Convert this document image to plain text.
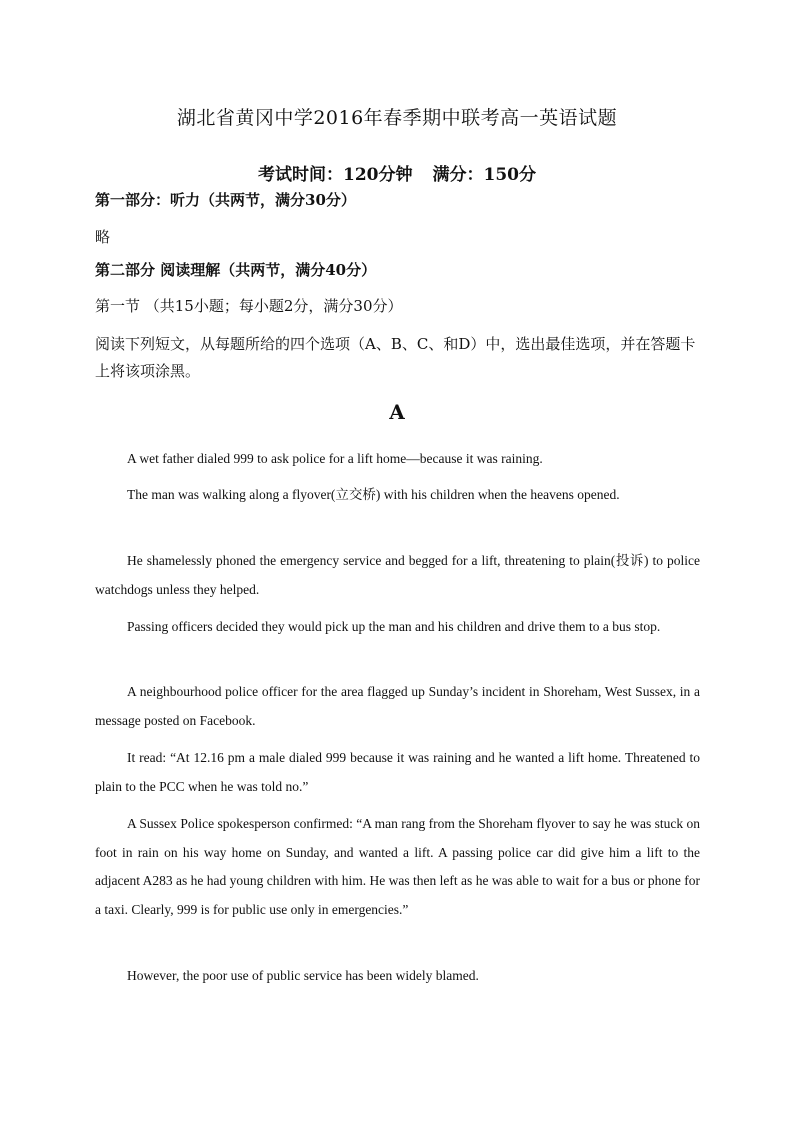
湖北省黄冈中学2016年春季期中联考高一英语试题
考试时间：120分钟 满分：150分
第一部分：听力（共两节，满分30分）
略
第二部分 阅读理解（共两节，满分40分）
第一节 （共15小题；每小题2分，满分30分）
阅读下列短文，从每题所给的四个选项（A、B、C、和D）中，选出最佳选项，并在答题卡上将该项涂黑。
A
A wet father dialed 999 to ask police for a lift home—because it was raining.
The man was walking along a flyover(立交桥) with his children when the heavens opened.
He shamelessly phoned the emergency service and begged for a lift, threatening to plain(投诉) to police watchdogs unless they helped.
Passing officers decided they would pick up the man and his children and drive them to a bus stop.
A neighbourhood police officer for the area flagged up Sunday’s incident in Shoreham, West Sussex, in a message posted on Facebook.
It read: “At 12.16 pm a male dialed 999 because it was raining and he wanted a lift home. Threatened to plain to the PCC when he was told no.”
A Sussex Police spokesperson confirmed: “A man rang from the Shoreham flyover to say he was stuck on foot in rain on his way home on Sunday, and wanted a lift. A passing police car did give him a lift to the adjacent A283 as he had young children with him. He was then left as he was able to wait for a bus or phone for a taxi. Clearly, 999 is for public use only in emergencies.”
However, the poor use of public service has been widely blamed.
